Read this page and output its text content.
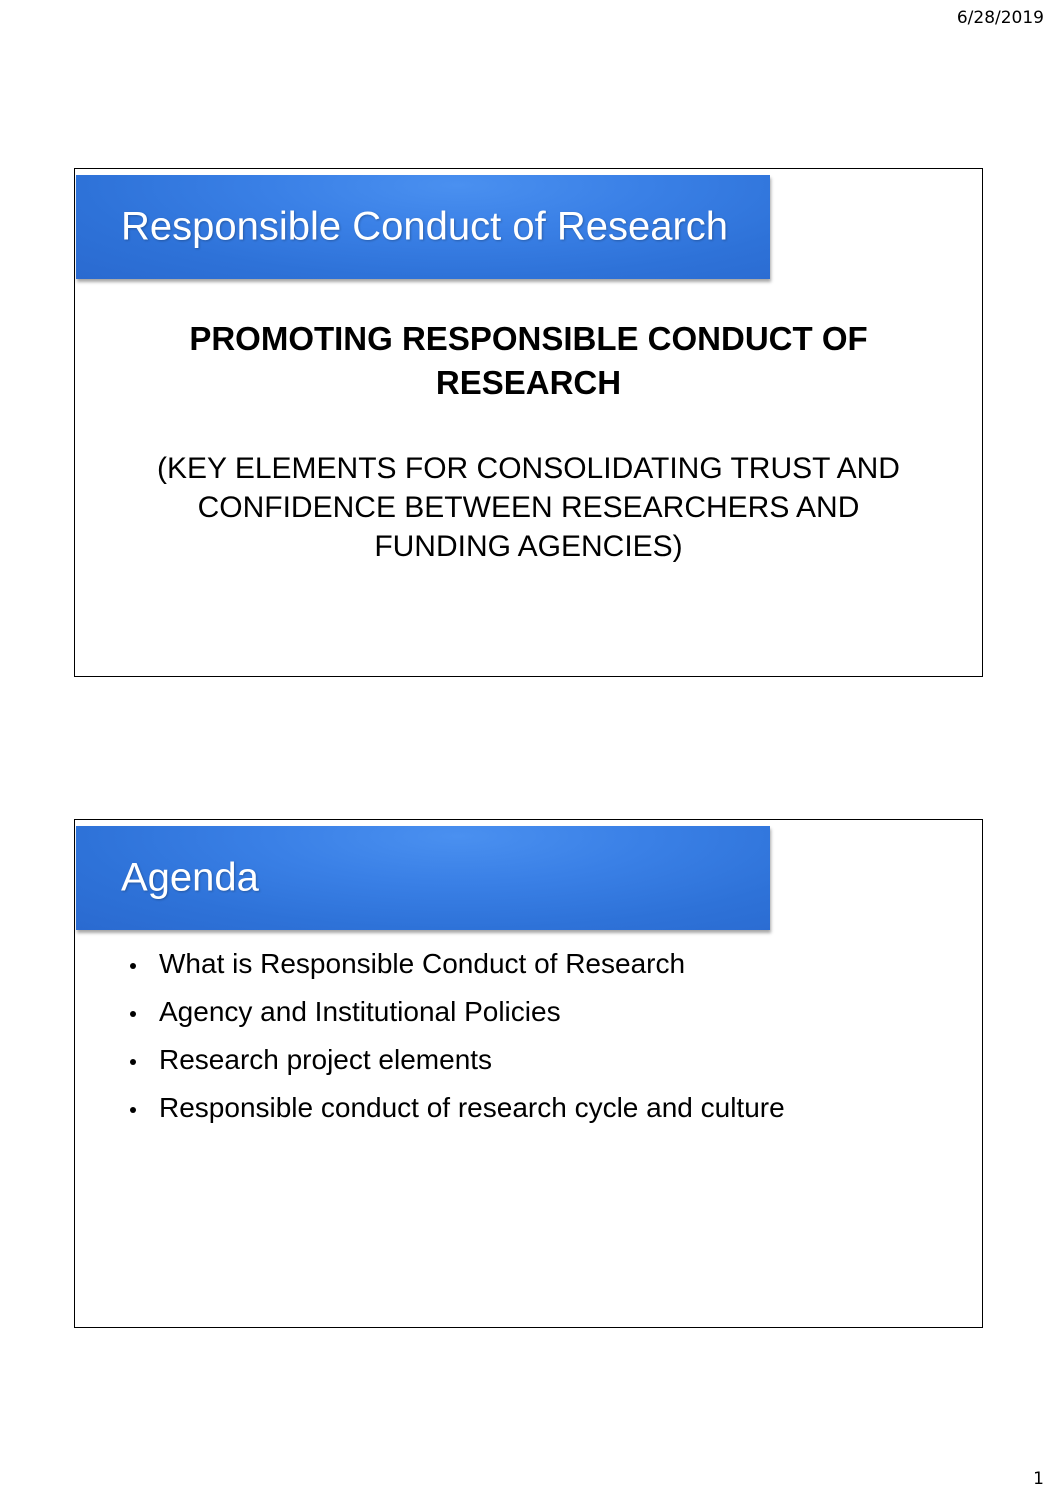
6/28/2019
Responsible Conduct of Research
PROMOTING RESPONSIBLE CONDUCT OF
RESEARCH
(KEY ELEMENTS FOR CONSOLIDATING TRUST AND
CONFIDENCE BETWEEN RESEARCHERS AND
FUNDING AGENCIES)
Agenda
What is Responsible Conduct of Research
Agency and Institutional Policies
Research project elements
Responsible conduct of research cycle and culture
1
